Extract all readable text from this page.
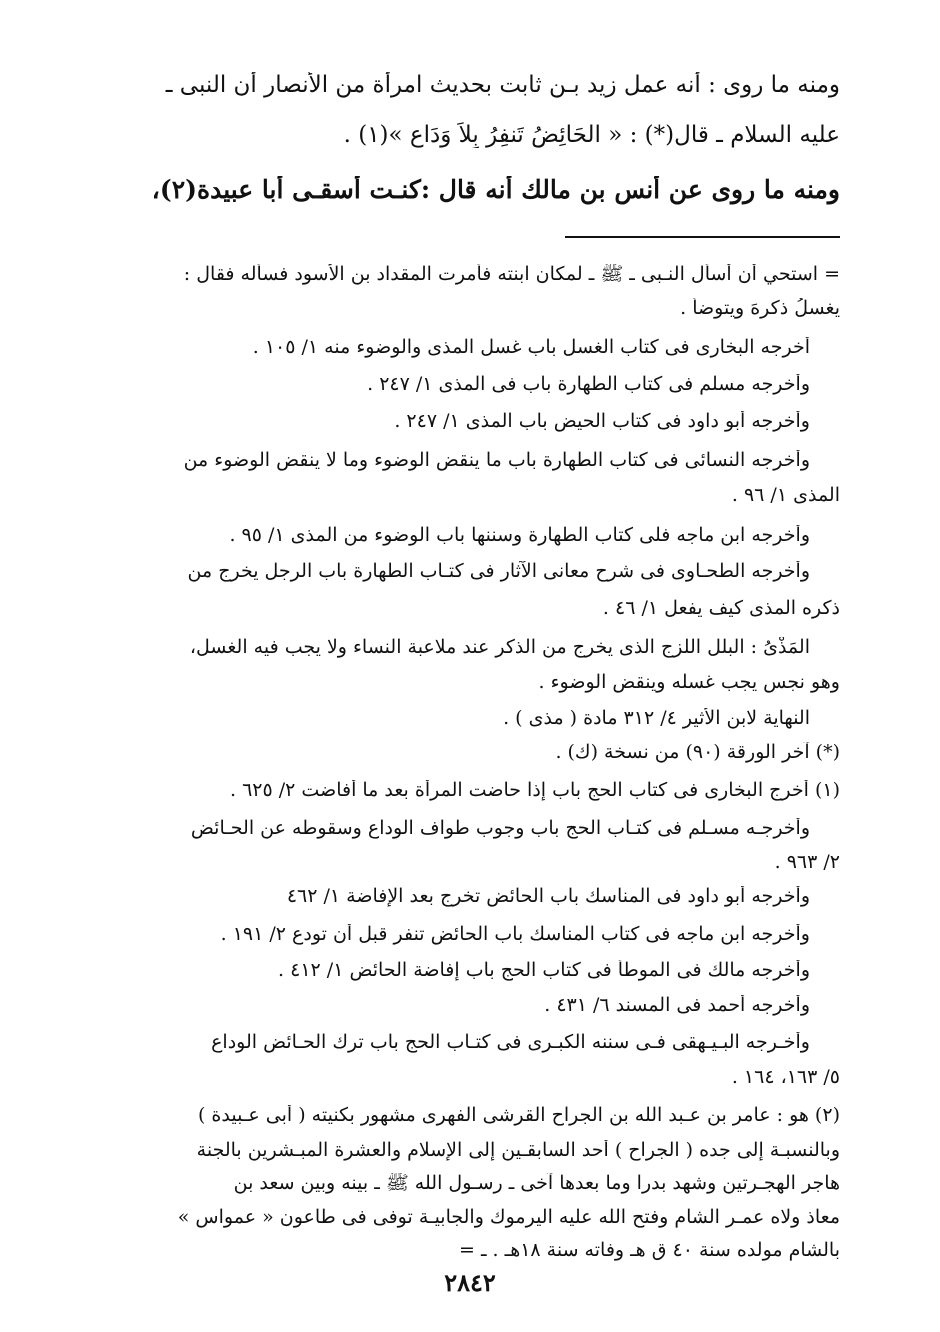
ومنه ما روى : أنه عمل زيد بـن ثابت بحديث امرأة من الأنصار أن النبى ـ
عليه السلام ـ قال(*) : « الحَائِضُ تَنفِرُ بِلاَ وَدَاعٍ »(١) .
ومنه ما روى عن أنس بن مالك أنه قال :كنـت أسقـى أبا عبيدة(٢)،
= استحي أن أسأل النـبى ـ ﷺ ـ لمكان ابنته فأمرت المقداد بن الأسود فسأله فقال :
يغسلُ ذكرهَ ويتوضأ .
أخرجه البخارى فى كتاب الغسل باب غسل المذى والوضوء منه ١/ ١٠٥ .
وأخرجه مسلم فى كتاب الطهارة باب فى المذى ١/ ٢٤٧ .
وأخرجه أبو داود فى كتاب الحيض باب المذى ١/ ٢٤٧ .
وأخرجه النسائى فى كتاب الطهارة باب ما ينقض الوضوء وما لا ينقض الوضوء من
المذى ١/ ٩٦ .
وأخرجه ابن ماجه فلى كتاب الطهارة وسننها باب الوضوء من المذى ١/ ٩٥ .
وأخرجه الطحـاوى فى شرح معانى الآثار فى كتـاب الطهارة باب الرجل يخرج من
ذكره المذى كيف يفعل ١/ ٤٦ .
المَذْىُ : البلل اللزج الذى يخرج من الذكر عند ملاعبة النساء ولا يجب فيه الغسل،
وهو نجس يجب غسله وينقض الوضوء .
النهاية لابن الأثير ٤/ ٣١٢ مادة ( مذى ) .
(*) آخر الورقة (٩٠) من نسخة (ك) .
(١) أخرج البخارى فى كتاب الحج باب إذا حاضت المرأة بعد ما أفاضت ٢/ ٦٢٥ .
وأخرجـه مسـلم فى كتـاب الحج باب وجوب طواف الوداع وسقوطه عن الحـائض
٢/ ٩٦٣ .
وأخرجه أبو داود فى المناسك باب الحائض تخرج بعد الإفاضة ١/ ٤٦٢
وأخرجه ابن ماجه فى كتاب المناسك باب الحائض تنفر قبل أن تودع ٢/ ١٩١ .
وأخرجه مالك فى الموطأ فى كتاب الحج باب إفاضة الحائض ١/ ٤١٢ .
وأخرجه أحمد فى المسند ٦/ ٤٣١ .
وأخـرجه البـيـهقى فـى سننه الكبـرى فى كتـاب الحج باب ترك الحـائض الوداع
٥/ ١٦٣، ١٦٤ .
(٢) هو : عامر بن عـبد الله بن الجراح القرشى الفهرى مشهور بكنيته ( أبى عـبيدة )
وبالنسبـة إلى جده ( الجراح ) أحد السابقـين إلى الإسلام والعشرة المبـشرين بالجنة
هاجر الهجـرتين وشهد بدرا وما بعدها آخى ـ رسـول الله ﷺ ـ بينه وبين سعد بن
معاذ ولاه عمـر الشام وفتح الله عليه اليرموك والجابيـة توفى فى طاعون « عمواس »
بالشام مولده سنة ٤٠ ق هـ وفاته سنة ١٨هـ . ـ =
٢٨٤٢
